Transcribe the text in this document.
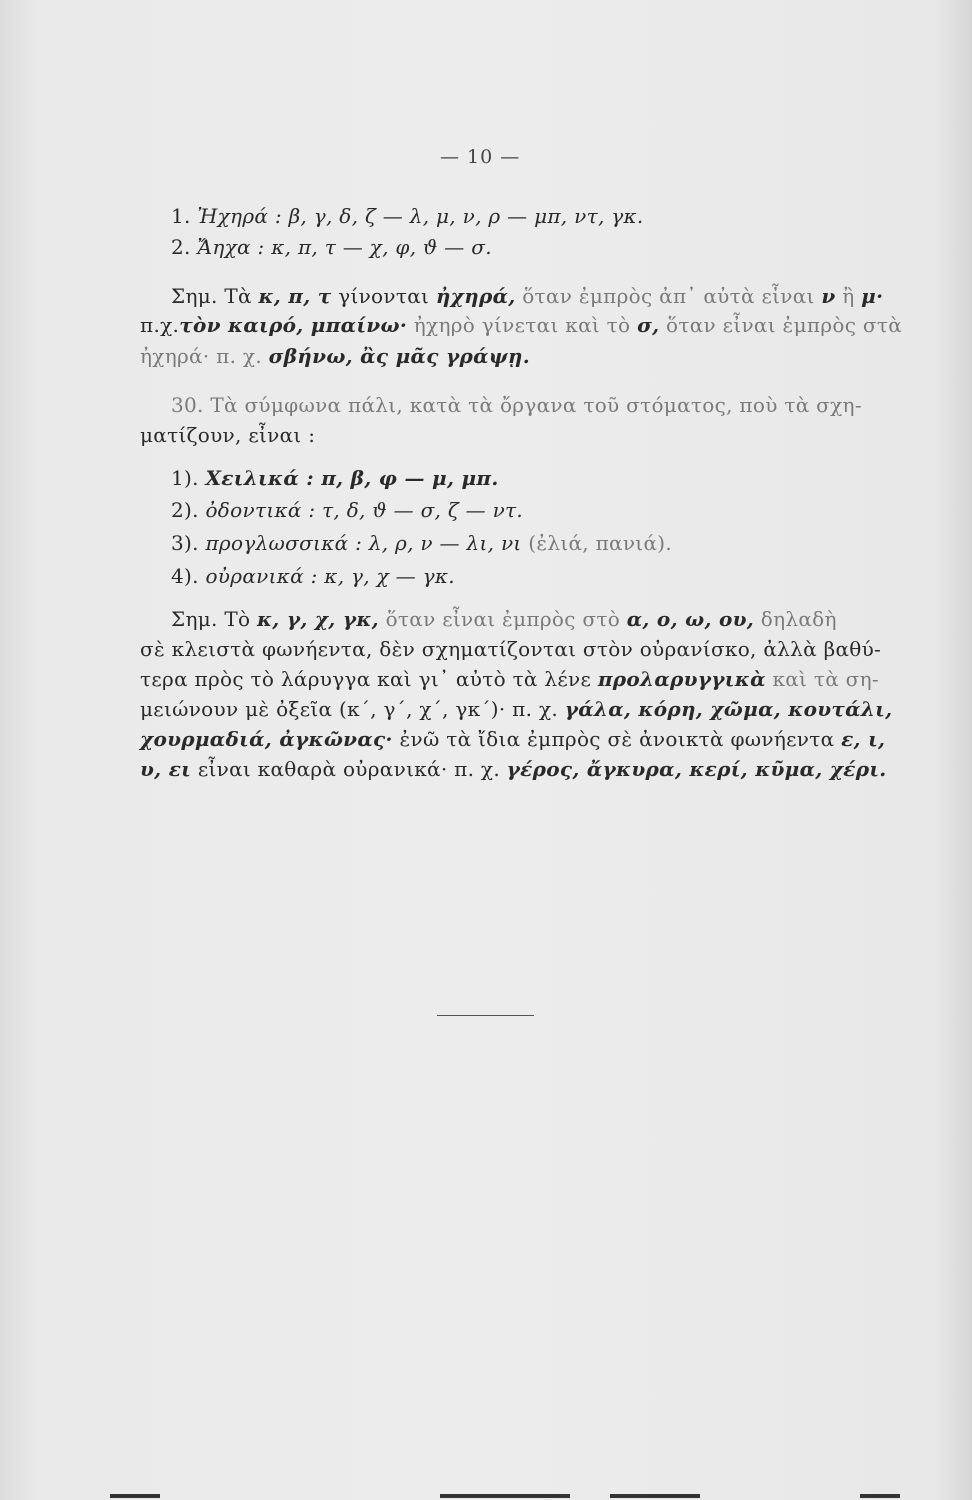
— 10 —
1. Ἠχηρά : β, γ, δ, ζ — λ, μ, ν, ρ — μπ, ντ, γκ.
2. Ἄηχα : κ, π, τ — χ, φ, ϑ — σ.
Σημ. Τὰ κ, π, τ γίνονται ἠχηρά, ὅταν ἐμπρὸς ἀπ᾽ αὐτὰ εἶναι ν ἢ μ·
π.χ.τὸν καιρό, μπαίνω· ἠχηρὸ γίνεται καὶ τὸ σ, ὅταν εἶναι ἐμπρὸς στὰ
ἠχηρά· π. χ. σβήνω, ἂς μᾶς γράψῃ.
30. Τὰ σύμφωνα πάλι, κατὰ τὰ ὄργανα τοῦ στόματος, ποὺ τὰ σχη-
ματίζουν, εἶναι :
1). Χειλικά : π, β, φ — μ, μπ.
2). ὀδοντικά : τ, δ, ϑ — σ, ζ — ντ.
3). προγλωσσικά : λ, ρ, ν — λι, νι (ἐλιά, πανιά).
4). οὐρανικά : κ, γ, χ — γκ.
Σημ. Τὸ κ, γ, χ, γκ, ὅταν εἶναι ἐμπρὸς στὸ α, ο, ω, ου, δηλαδὴ
σὲ κλειστὰ φωνήεντα, δὲν σχηματίζονται στὸν οὐρανίσκο, ἀλλὰ βαθύ-
τερα πρὸς τὸ λάρυγγα καὶ γι᾽ αὐτὸ τὰ λένε προλαρυγγικὰ καὶ τὰ ση-
μειώνουν μὲ ὀξεῖα (κ΄, γ΄, χ΄, γκ΄)· π. χ. γάλα, κόρη, χῶμα, κουτάλι,
χουρμαδιά, ἀγκῶνας· ἐνῶ τὰ ἴδια ἐμπρὸς σὲ ἀνοικτὰ φωνήεντα ε, ι,
υ, ει εἶναι καθαρὰ οὐρανικά· π. χ. γέρος, ἄγκυρα, κερί, κῦμα, χέρι.
